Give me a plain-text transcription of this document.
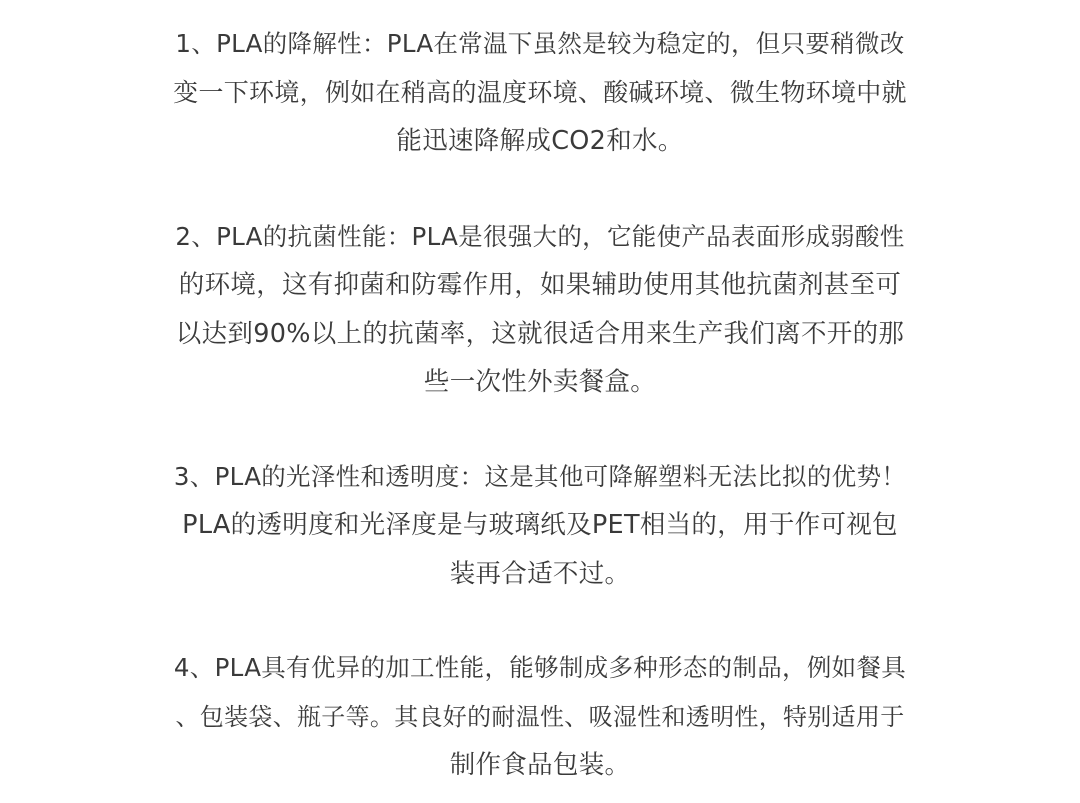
1、PLA的降解性：PLA在常温下虽然是较为稳定的，但只要稍微改
变一下环境，例如在稍高的温度环境、酸碱环境、微生物环境中就
能迅速降解成CO2和水。
2、PLA的抗菌性能：PLA是很强大的，它能使产品表面形成弱酸性
的环境，这有抑菌和防霉作用，如果辅助使用其他抗菌剂甚至可
以达到90%以上的抗菌率，这就很适合用来生产我们离不开的那
些一次性外卖餐盒。
3、PLA的光泽性和透明度：这是其他可降解塑料无法比拟的优势！
PLA的透明度和光泽度是与玻璃纸及PET相当的，用于作可视包
装再合适不过。
4、PLA具有优异的加工性能，能够制成多种形态的制品，例如餐具
、包装袋、瓶子等。其良好的耐温性、吸湿性和透明性，特别适用于
制作食品包装。
